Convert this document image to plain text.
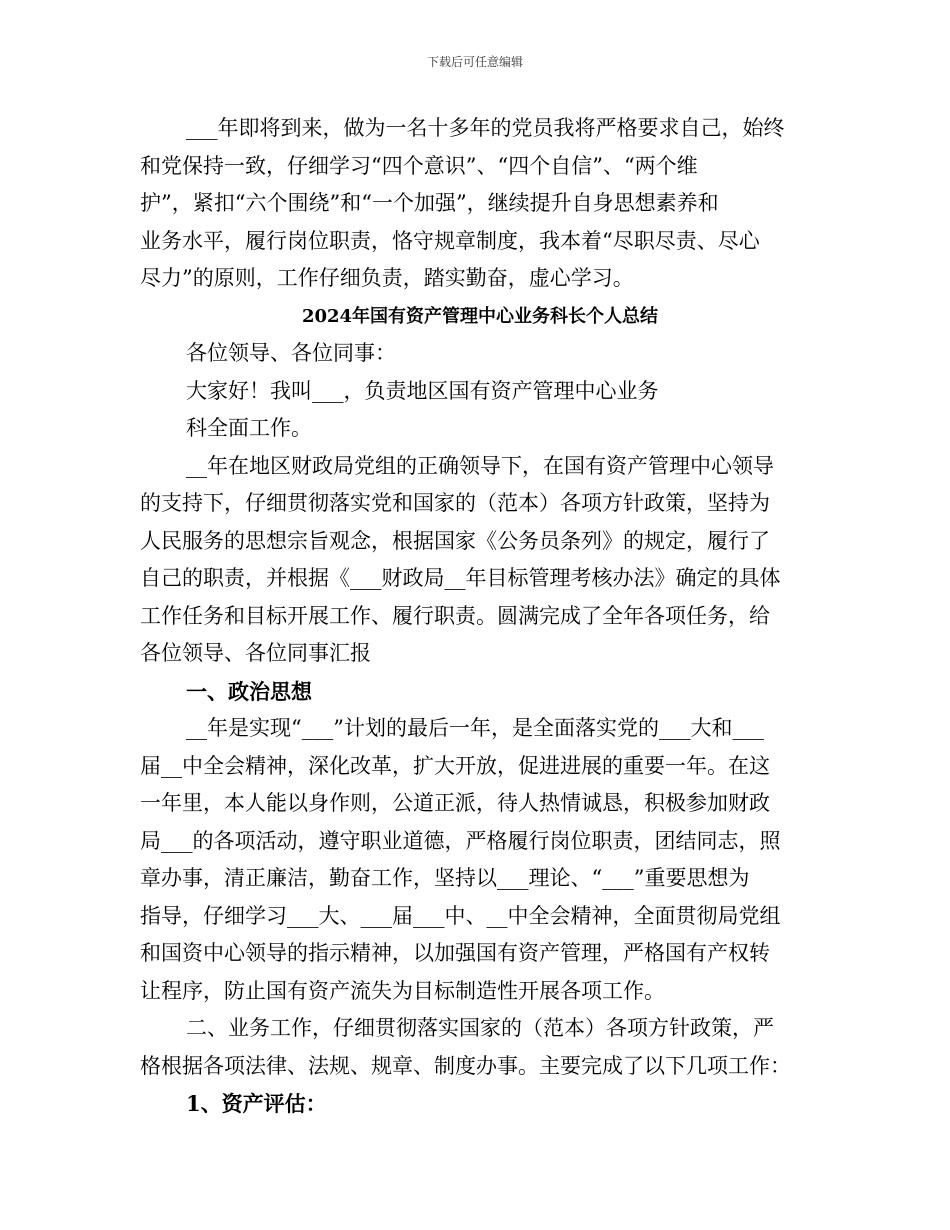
下载后可任意编辑
___年即将到来，做为一名十多年的党员我将严格要求自己，始终
和党保持一致，仔细学习“四个意识”、“四个自信”、“两个维
护”，紧扣“六个围绕”和“一个加强”，继续提升自身思想素养和
业务水平，履行岗位职责，恪守规章制度，我本着“尽职尽责、尽心
尽力”的原则，工作仔细负责，踏实勤奋，虚心学习。
2024年国有资产管理中心业务科长个人总结
各位领导、各位同事：
大家好！我叫___，负责地区国有资产管理中心业务
科全面工作。
__年在地区财政局党组的正确领导下，在国有资产管理中心领导
的支持下，仔细贯彻落实党和国家的（范本）各项方针政策，坚持为
人民服务的思想宗旨观念，根据国家《公务员条列》的规定，履行了
自己的职责，并根据《___财政局__年目标管理考核办法》确定的具体
工作任务和目标开展工作、履行职责。圆满完成了全年各项任务，给
各位领导、各位同事汇报
一、政治思想
__年是实现“___”计划的最后一年，是全面落实党的___大和___
届__中全会精神，深化改革，扩大开放，促进进展的重要一年。在这
一年里，本人能以身作则，公道正派，待人热情诚恳，积极参加财政
局___的各项活动，遵守职业道德，严格履行岗位职责，团结同志，照
章办事，清正廉洁，勤奋工作，坚持以___理论、“___”重要思想为
指导，仔细学习___大、___届___中、__中全会精神，全面贯彻局党组
和国资中心领导的指示精神，以加强国有资产管理，严格国有产权转
让程序，防止国有资产流失为目标制造性开展各项工作。
二、业务工作，仔细贯彻落实国家的（范本）各项方针政策，严
格根据各项法律、法规、规章、制度办事。主要完成了以下几项工作：
1、资产评估：
